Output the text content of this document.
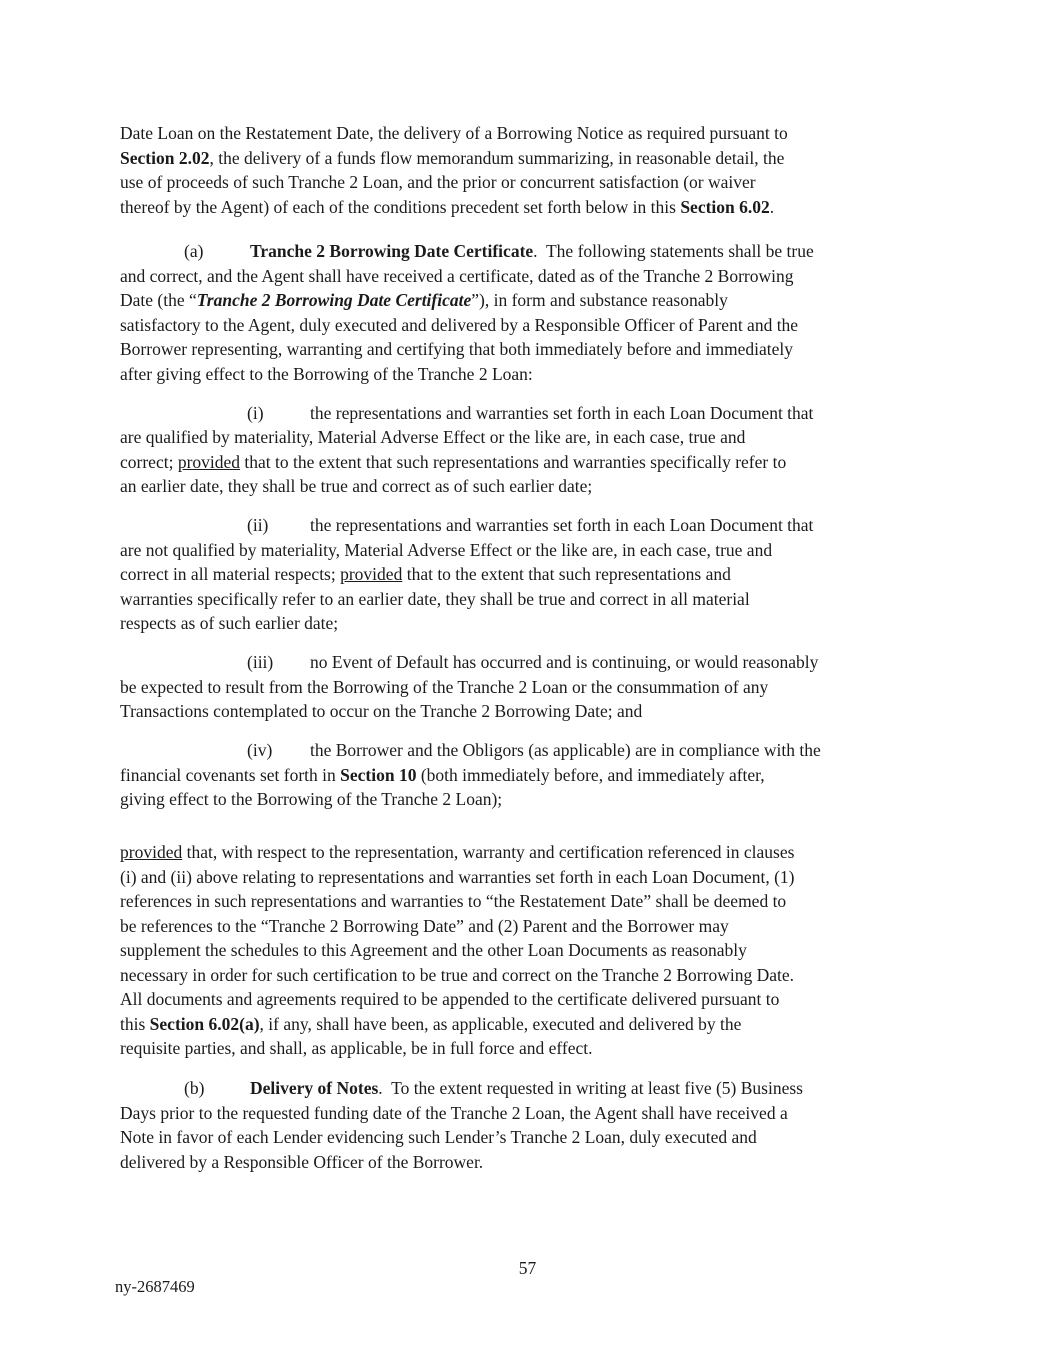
Date Loan on the Restatement Date, the delivery of a Borrowing Notice as required pursuant to
Section 2.02, the delivery of a funds flow memorandum summarizing, in reasonable detail, the
use of proceeds of such Tranche 2 Loan, and the prior or concurrent satisfaction (or waiver
thereof by the Agent) of each of the conditions precedent set forth below in this Section 6.02.
(a)	Tranche 2 Borrowing Date Certificate.  The following statements shall be true
and correct, and the Agent shall have received a certificate, dated as of the Tranche 2 Borrowing
Date (the “Tranche 2 Borrowing Date Certificate”), in form and substance reasonably
satisfactory to the Agent, duly executed and delivered by a Responsible Officer of Parent and the
Borrower representing, warranting and certifying that both immediately before and immediately
after giving effect to the Borrowing of the Tranche 2 Loan:
(i)	the representations and warranties set forth in each Loan Document that
are qualified by materiality, Material Adverse Effect or the like are, in each case, true and
correct; provided that to the extent that such representations and warranties specifically refer to
an earlier date, they shall be true and correct as of such earlier date;
(ii) the representations and warranties set forth in each Loan Document that
are not qualified by materiality, Material Adverse Effect or the like are, in each case, true and
correct in all material respects; provided that to the extent that such representations and
warranties specifically refer to an earlier date, they shall be true and correct in all material
respects as of such earlier date;
(iii) no Event of Default has occurred and is continuing, or would reasonably
be expected to result from the Borrowing of the Tranche 2 Loan or the consummation of any
Transactions contemplated to occur on the Tranche 2 Borrowing Date; and
(iv) the Borrower and the Obligors (as applicable) are in compliance with the
financial covenants set forth in Section 10 (both immediately before, and immediately after,
giving effect to the Borrowing of the Tranche 2 Loan);
provided that, with respect to the representation, warranty and certification referenced in clauses
(i) and (ii) above relating to representations and warranties set forth in each Loan Document, (1)
references in such representations and warranties to “the Restatement Date” shall be deemed to
be references to the “Tranche 2 Borrowing Date” and (2) Parent and the Borrower may
supplement the schedules to this Agreement and the other Loan Documents as reasonably
necessary in order for such certification to be true and correct on the Tranche 2 Borrowing Date.
All documents and agreements required to be appended to the certificate delivered pursuant to
this Section 6.02(a), if any, shall have been, as applicable, executed and delivered by the
requisite parties, and shall, as applicable, be in full force and effect.
(b)	Delivery of Notes.  To the extent requested in writing at least five (5) Business
Days prior to the requested funding date of the Tranche 2 Loan, the Agent shall have received a
Note in favor of each Lender evidencing such Lender’s Tranche 2 Loan, duly executed and
delivered by a Responsible Officer of the Borrower.
57
ny-2687469
